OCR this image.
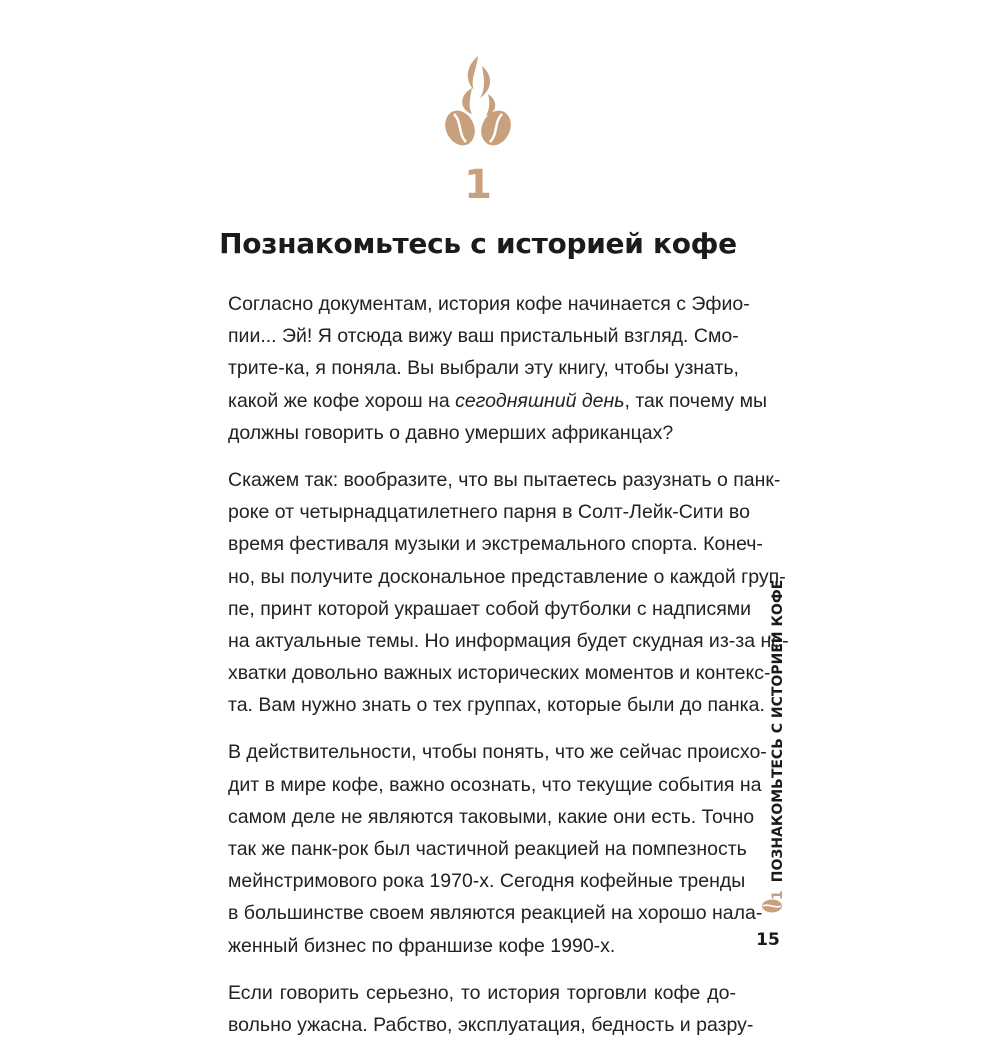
1
Познакомьтесь с историей кофе

Согласно документам, история кофе начинается с Эфио-
пии... Эй! Я отсюда вижу ваш пристальный взгляд. Смо-
трите-ка, я поняла. Вы выбрали эту книгу, чтобы узнать,
какой же кофе хорош на сегодняшний день, так почему мы
должны говорить о давно умерших африканцах?

Скажем так: вообразите, что вы пытаетесь разузнать о панк-
роке от четырнадцатилетнего парня в Солт-Лейк-Сити во
время фестиваля музыки и экстремального спорта. Конеч-
но, вы получите доскональное представление о каждой груп-
пе, принт которой украшает собой футболки с надписями
на актуальные темы. Но информация будет скудная из-за не-
хватки довольно важных исторических моментов и контекс-
та. Вам нужно знать о тех группах, которые были до панка.

В действительности, чтобы понять, что же сейчас происхо-
дит в мире кофе, важно осознать, что текущие события на
самом деле не являются таковыми, какие они есть. Точно
так же панк-рок был частичной реакцией на помпезность
мейнстримового рока 1970-х. Сегодня кофейные тренды
в большинстве своем являются реакцией на хорошо нала-
женный бизнес по франшизе кофе 1990-х.

Если говорить серьезно, то история торговли кофе до-
вольно ужасна. Рабство, эксплуатация, бедность и разру-

1ПОЗНАКОМЬТЕСЬ С ИСТОРИЕЙ КОФЕ
15
